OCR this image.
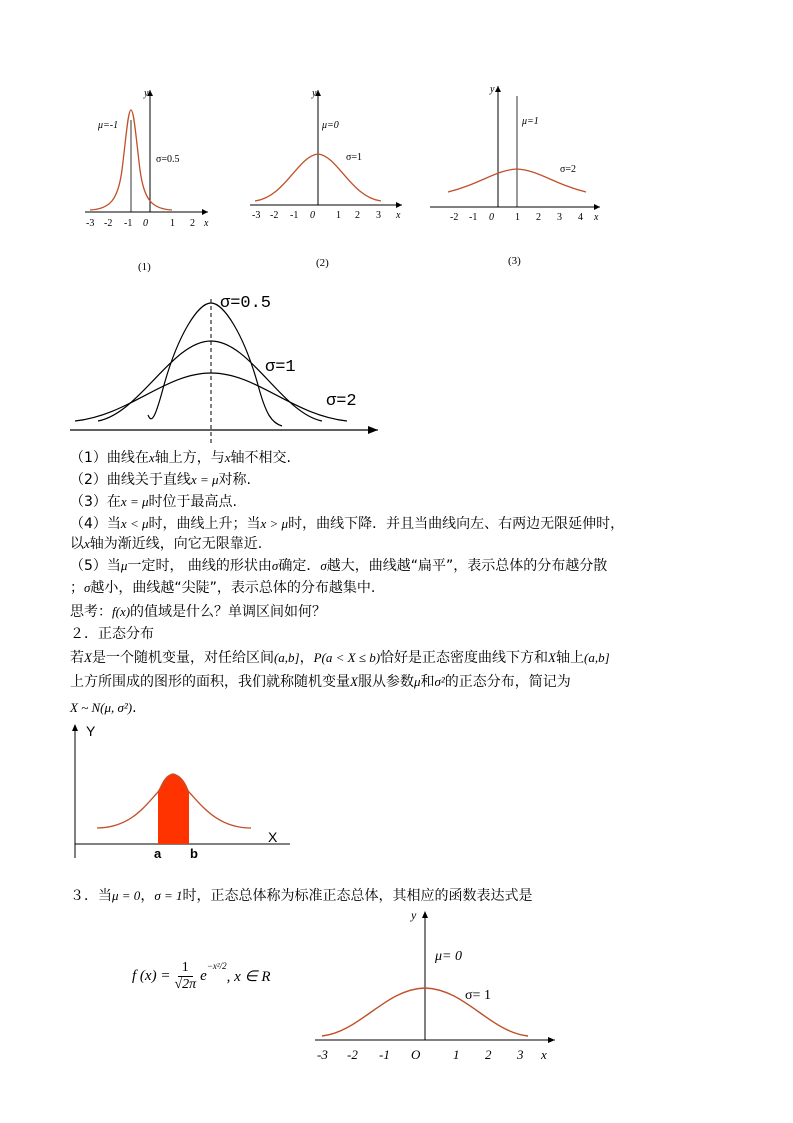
μ=-1
σ=0.5
y
x
-3 -2 -1 0 1 2
(1)
μ=0
σ=1
y
x
-3 -2 -1 0 1 2 3
(2)
μ=1
σ=2
y
x
-2 -1 0 1 2 3 4
(3)
σ=0.5
σ=1
σ=2
（1）曲线在x轴上方，与x轴不相交.
（2）曲线关于直线x = μ对称.
（3）在x = μ时位于最高点.
（4）当x < μ时，曲线上升；当x > μ时，曲线下降．并且当曲线向左、右两边无限延伸时，
以x轴为渐近线，向它无限靠近.
（5）当μ一定时， 曲线的形状由σ确定．σ越大，曲线越“扁平”，表示总体的分布越分散
；σ越小，曲线越“尖陡”，表示总体的分布越集中.
思考：f(x)的值域是什么？单调区间如何？
２．正态分布
若X是一个随机变量，对任给区间(a,b]，P(a < X ≤ b)恰好是正态密度曲线下方和X轴上(a,b]
上方所围成的图形的面积，我们就称随机变量X服从参数μ和σ²的正态分布，简记为
X ~ N(μ, σ²).
Y
X
a b
３．当μ = 0，σ = 1时，正态总体称为标准正态总体，其相应的函数表达式是
f $(x) = \frac{1}{√2\pi}$ e
−x²/2
, x ∈ R
μ= 0
σ= 1
y
x
O
-3 -2 -1	1 2 3
